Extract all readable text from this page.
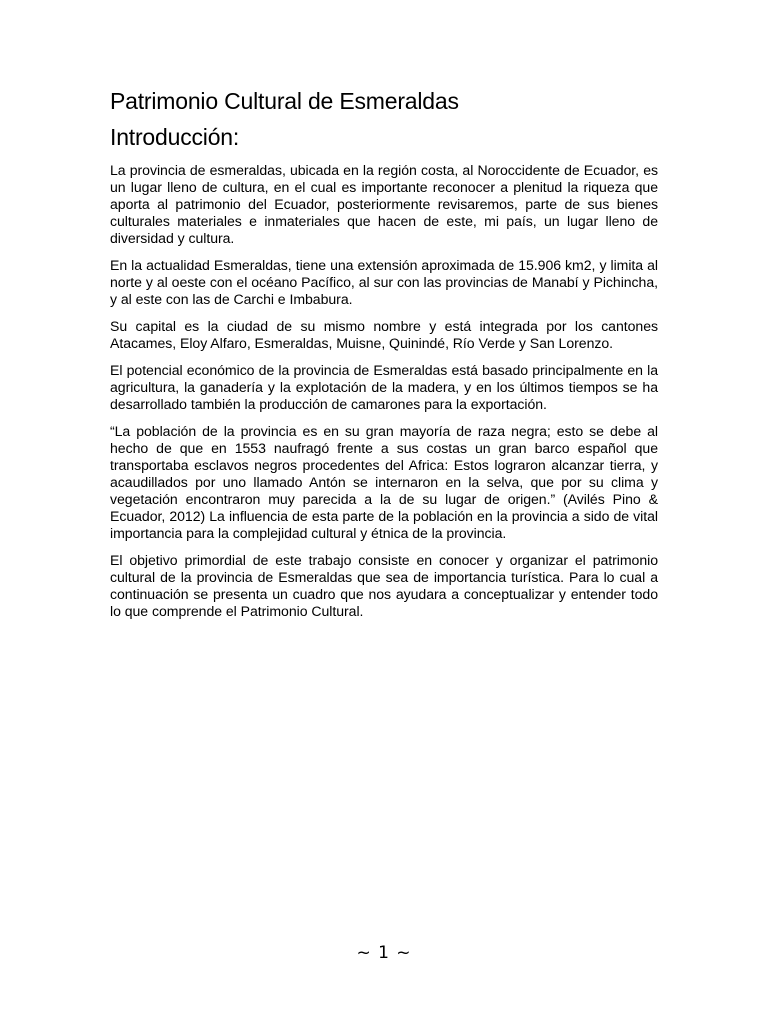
Patrimonio Cultural de Esmeraldas
Introducción:

La provincia de esmeraldas, ubicada en la región costa, al Noroccidente de Ecuador, es un lugar lleno de cultura, en el cual es importante reconocer a plenitud la riqueza que aporta al patrimonio del Ecuador, posteriormente revisaremos, parte de sus bienes culturales materiales e inmateriales que hacen de este, mi país, un lugar lleno de diversidad y cultura.

En la actualidad Esmeraldas, tiene una extensión aproximada de 15.906 km2, y limita al norte y al oeste con el océano Pacífico, al sur con las provincias de Manabí y Pichincha, y al este con las de Carchi e Imbabura.

Su capital es la ciudad de su mismo nombre y está integrada por los cantones Atacames, Eloy Alfaro, Esmeraldas, Muisne, Quinindé, Río Verde y San Lorenzo.

El potencial económico de la provincia de Esmeraldas está basado principalmente en la agricultura, la ganadería y la explotación de la madera, y en los últimos tiempos se ha desarrollado también la producción de camarones para la exportación.

“La población de la provincia es en su gran mayoría de raza negra; esto se debe al hecho de que en 1553 naufragó frente a sus costas un gran barco español que transportaba esclavos negros procedentes del Africa: Estos lograron alcanzar tierra, y acaudillados por uno llamado Antón se internaron en la selva, que por su clima y vegetación encontraron muy parecida a la de su lugar de origen.” (Avilés Pino & Ecuador, 2012) La influencia de esta parte de la población en la provincia a sido de vital importancia para la complejidad cultural y étnica de la provincia.

El objetivo primordial de este trabajo consiste en conocer y organizar el patrimonio cultural de la provincia de Esmeraldas que sea de importancia turística. Para lo cual a continuación se presenta un cuadro que nos ayudara a conceptualizar y entender todo lo que comprende el Patrimonio Cultural.

~ 1 ~
